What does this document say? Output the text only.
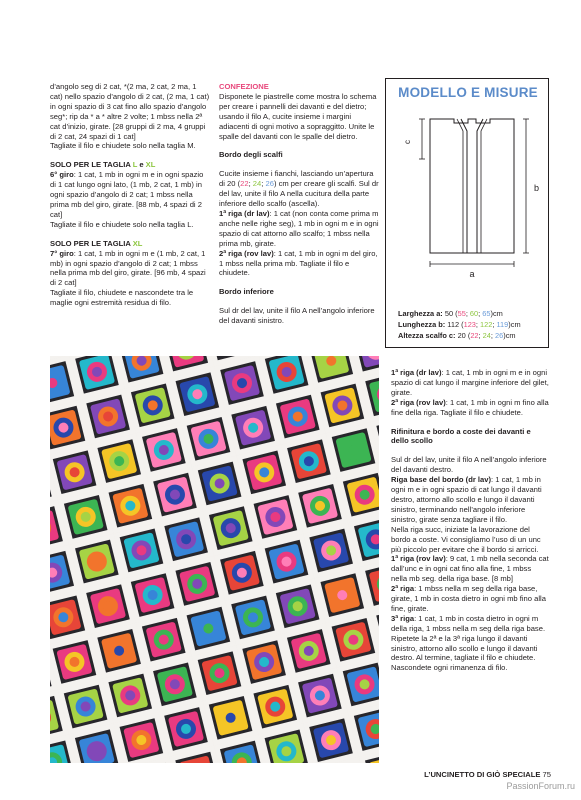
d’angolo seg di 2 cat, *(2 ma, 2 cat, 2 ma, 1 cat) nello spazio d’angolo di 2 cat, (2 ma, 1 cat) in ogni spazio di 3 cat fino allo spazio d’angolo seg*; rip da * a * altre 2 volte; 1 mbss nella 2ª cat d’inizio, girate. [28 gruppi di 2 ma, 4 gruppi di 2 cat, 24 spazi di 1 cat]
Tagliate il filo e chiudete solo nella taglia M.

SOLO PER LE TAGLIA L e XL

6° giro: 1 cat, 1 mb in ogni m e in ogni spazio di 1 cat lungo ogni lato, (1 mb, 2 cat, 1 mb) in ogni spazio d’angolo di 2 cat; 1 mbss nella prima mb del giro, girate. [88 mb, 4 spazi di 2 cat]
Tagliate il filo e chiudete solo nella taglia L.

SOLO PER LE TAGLIA XL

7° giro: 1 cat, 1 mb in ogni m e (1 mb, 2 cat, 1 mb) in ogni spazio d’angolo di 2 cat; 1 mbss nella prima mb del giro, girate. [96 mb, 4 spazi di 2 cat]
Tagliate il filo, chiudete e nascondete tra le maglie ogni estremità residua di filo.

CONFEZIONE

Disponete le piastrelle come mostra lo schema per creare i pannelli dei davanti e del dietro; usando il filo A, cucite insieme i margini adiacenti di ogni motivo a sopraggitto. Unite le spalle del davanti con le spalle del dietro.

Bordo degli scalfi

Cucite insieme i fianchi, lasciando un’apertura di 20 (22; 24; 26) cm per creare gli scalfi. Sul dr del lav, unite il filo A nella cucitura della parte inferiore dello scalfo (ascella).
1ª riga (dr lav): 1 cat (non conta come prima m anche nelle righe seg), 1 mb in ogni m e in ogni spazio di cat attorno allo scalfo; 1 mbss nella prima mb, girate.
2ª riga (rov lav): 1 cat, 1 mb in ogni m del giro, 1 mbss nella prima mb. Tagliate il filo e chiudete.

Bordo inferiore

Sul dr del lav, unite il filo A nell’angolo inferiore del davanti sinistro.

MODELLO E MISURE
c
b
a
Larghezza a: 50 (55; 60; 65)cm
Lunghezza b: 112 (123; 122; 119)cm
Altezza scalfo c: 20 (22; 24; 26)cm

1ª riga (dr lav): 1 cat, 1 mb in ogni m e in ogni spazio di cat lungo il margine inferiore del gilet, girate.
2ª riga (rov lav): 1 cat, 1 mb in ogni m fino alla fine della riga. Tagliate il filo e chiudete.

Rifinitura e bordo a coste dei davanti e dello scollo

Sul dr del lav, unite il filo A nell’angolo inferiore del davanti destro.
Riga base del bordo (dr lav): 1 cat, 1 mb in ogni m e in ogni spazio di cat lungo il davanti destro, attorno allo scollo e lungo il davanti sinistro, terminando nell’angolo inferiore sinistro, girate senza tagliare il filo.
Nella riga succ, iniziate la lavorazione del bordo a coste. Vi consigliamo l’uso di un unc più piccolo per evitare che il bordo si arricci.
1ª riga (rov lav): 9 cat, 1 mb nella seconda cat dall’unc e in ogni cat fino alla fine, 1 mbss nella mb seg. della riga base. [8 mb]
2ª riga: 1 mbss nella m seg della riga base, girate, 1 mb in costa dietro in ogni mb fino alla fine, girate.
3ª riga: 1 cat, 1 mb in costa dietro in ogni m della riga, 1 mbss nella m seg della riga base.
Ripetete la 2ª e la 3ª riga lungo il davanti sinistro, attorno allo scollo e lungo il davanti destro. Al termine, tagliate il filo e chiudete. Nascondete ogni rimanenza di filo.

L’UNCINETTO DI GIÒ SPECIALE 75
PassionForum.ru
